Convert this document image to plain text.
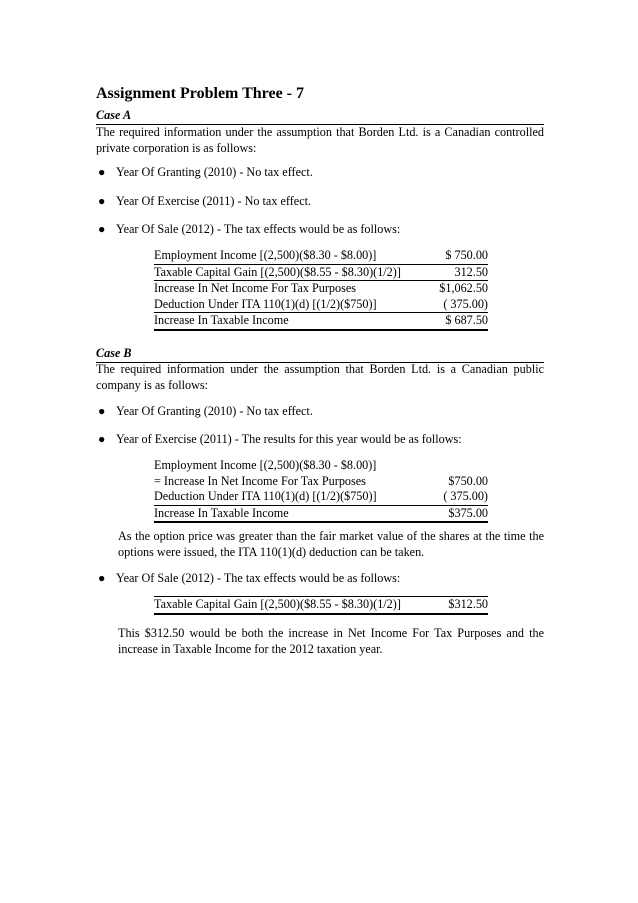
Assignment Problem Three - 7
Case A
The required information under the assumption that Borden Ltd. is a Canadian controlled private corporation is as follows:
● Year Of Granting (2010) - No tax effect.
● Year Of Exercise (2011) - No tax effect.
● Year Of Sale (2012) - The tax effects would be as follows:
Employment Income [(2,500)($8.30 - $8.00)]	$ 750.00
Taxable Capital Gain [(2,500)($8.55 - $8.30)(1/2)]	312.50
Increase In Net Income For Tax Purposes	$1,062.50
Deduction Under ITA 110(1)(d) [(1/2)($750)]	( 375.00)
Increase In Taxable Income	$ 687.50
Case B
The required information under the assumption that Borden Ltd. is a Canadian public company is as follows:
● Year Of Granting (2010) - No tax effect.
● Year of Exercise (2011) - The results for this year would be as follows:
Employment Income [(2,500)($8.30 - $8.00)]	
= Increase In Net Income For Tax Purposes	$750.00
Deduction Under ITA 110(1)(d) [(1/2)($750)]	( 375.00)
Increase In Taxable Income	$375.00
As the option price was greater than the fair market value of the shares at the time the options were issued, the ITA 110(1)(d) deduction can be taken.
● Year Of Sale (2012) - The tax effects would be as follows:
Taxable Capital Gain [(2,500)($8.55 - $8.30)(1/2)]	$312.50
This $312.50 would be both the increase in Net Income For Tax Purposes and the increase in Taxable Income for the 2012 taxation year.
